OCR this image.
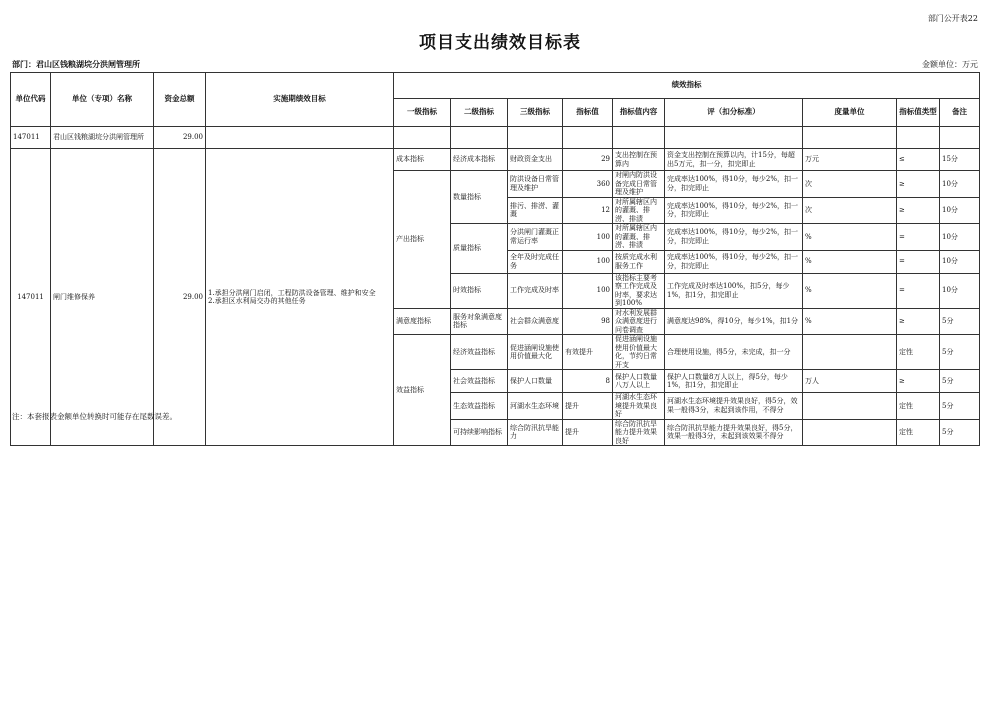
部门公开表22
项目支出绩效目标表
部门：君山区钱粮湖垸分洪闸管理所	金额单位：万元
单位代码	单位（专项）名称	资金总额	实施期绩效目标	绩效指标								
				一级指标	二级指标	三级指标	指标值	指标值内容	评（扣分标准）	度量单位	指标值类型	备注
147011	君山区钱粮湖垸分洪闸管理所	29.00										
147011	闸门维修保养	29.00	1.承担分洪闸门启闭，工程防洪设备管理、维护和安全
2.承担区水利局交办的其他任务	成本指标	经济成本指标	财政资金支出	29	支出控制在预算内	资金支出控制在预算以内，计15分，每超出5万元，扣一分，扣完即止	万元	≤	15分
				产出指标	数量指标	防洪设备日常管理及维护	360	对闸内防洪设备完成日常管理及维护	完成率达100%，得10分，每少2%，扣一分，扣完即止	次	≥	10分
						排污、排涝、灌溉	12	对所属辖区内的灌溉、排涝、排渍	完成率达100%，得10分，每少2%，扣一分，扣完即止	次	≥	10分
					质量指标	分洪闸门灌溉正常运行率	100	对所属辖区内的灌溉、排涝、排渍	完成率达100%，得10分，每少2%，扣一分，扣完即止	%	=	10分
						全年及时完成任务	100	按质完成水利服务工作	完成率达100%，得10分，每少2%，扣一分，扣完即止	%	=	10分
					时效指标	工作完成及时率	100	该指标主要考察工作完成及时率，要求达到100%	工作完成及时率达100%，扣5分，每少1%，扣1分，扣完即止	%	=	10分
				满意度指标	服务对象满意度指标	社会群众满意度	98	对水利发展群众满意度进行问卷调查	满意度达98%，得10分，每少1%，扣1分	%	≥	5分
				效益指标	经济效益指标	促进涵闸设施使用价值最大化	有效提升	促进涵闸设施使用价值最大化，节约日常开支	合理使用设施，得5分，未完成，扣一分		定性	5分
					社会效益指标	保护人口数量	8	保护人口数量八万人以上	保护人口数量8万人以上，得5分，每少1%，扣1分，扣完即止	万人	≥	5分
					生态效益指标	河湖水生态环境	提升	河湖水生态环境提升效果良好	河湖水生态环境提升效果良好，得5分，效果一般得3分，未起到该作用，不得分		定性	5分
					可持续影响指标	综合防汛抗旱能力	提升	综合防汛抗旱能力提升效果良好	综合防汛抗旱能力提升效果良好，得5分，效果一般得3分，未起到该效果不得分		定性	5分
注：本套报表金额单位转换时可能存在尾数误差。
